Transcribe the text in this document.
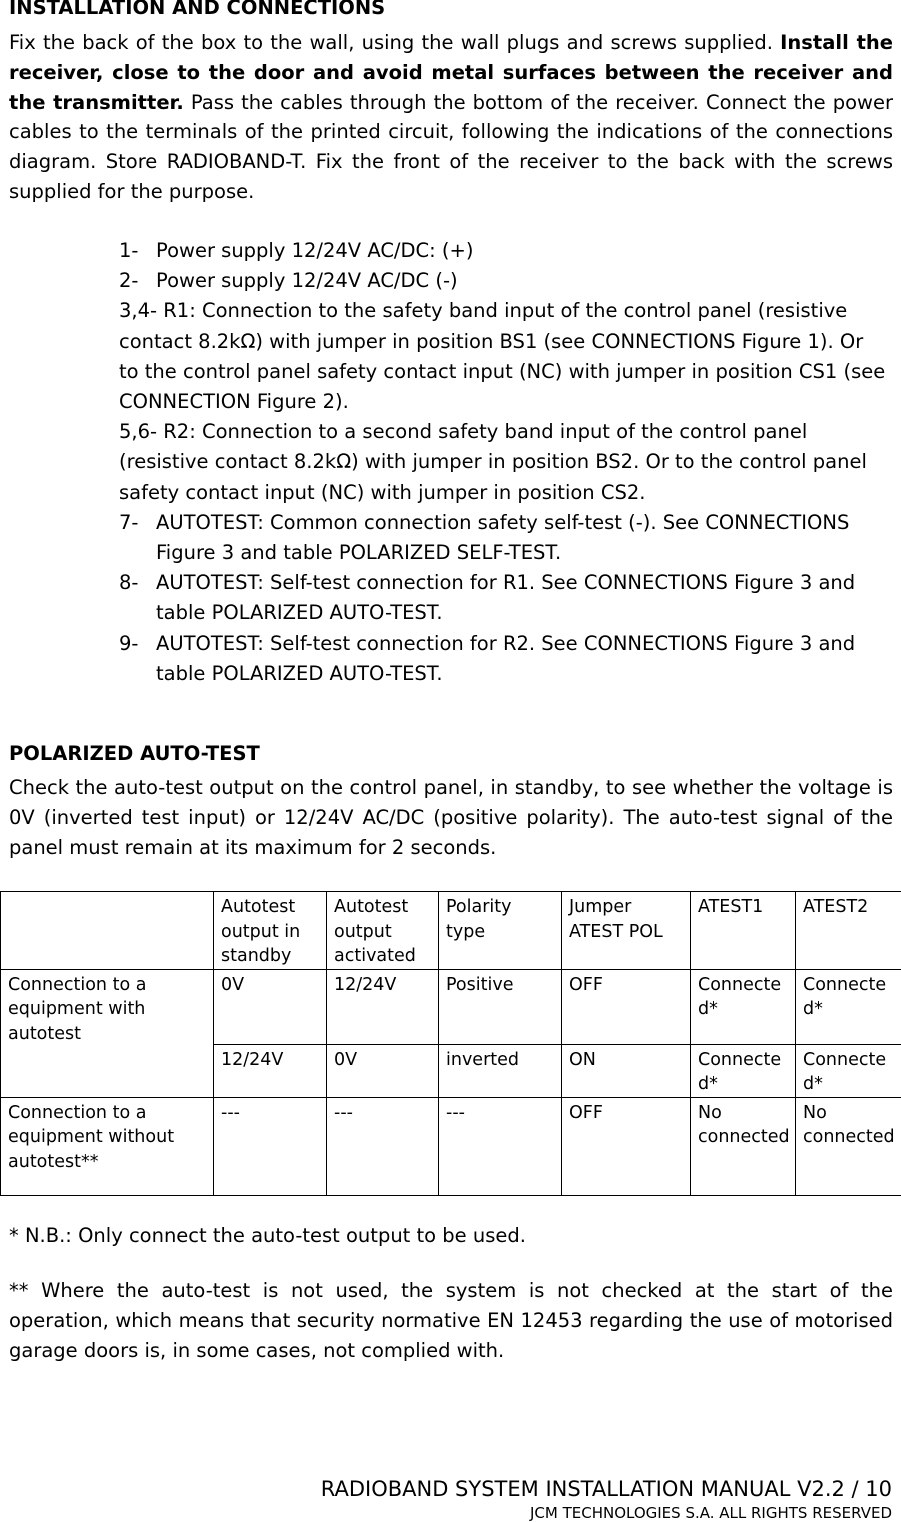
INSTALLATION AND CONNECTIONS
Fix the back of the box to the wall, using the wall plugs and screws supplied. Install the receiver, close to the door and avoid metal surfaces between the receiver and the transmitter. Pass the cables through the bottom of the receiver. Connect the power cables to the terminals of the printed circuit, following the indications of the connections diagram. Store RADIOBAND-T. Fix the front of the receiver to the back with the screws supplied for the purpose.
1- Power supply 12/24V AC/DC: (+)
2- Power supply 12/24V AC/DC (-)
3,4- R1: Connection to the safety band input of the control panel (resistive contact 8.2kΩ) with jumper in position BS1 (see CONNECTIONS Figure 1). Or to the control panel safety contact input (NC) with jumper in position CS1 (see CONNECTION Figure 2).
5,6- R2: Connection to a second safety band input of the control panel (resistive contact 8.2kΩ) with jumper in position BS2. Or to the control panel safety contact input (NC) with jumper in position CS2.
7- AUTOTEST: Common connection safety self-test (-). See CONNECTIONS Figure 3 and table POLARIZED SELF-TEST.
8- AUTOTEST: Self-test connection for R1. See CONNECTIONS Figure 3 and table POLARIZED AUTO-TEST.
9- AUTOTEST: Self-test connection for R2. See CONNECTIONS Figure 3 and table POLARIZED AUTO-TEST.
POLARIZED AUTO-TEST
Check the auto-test output on the control panel, in standby, to see whether the voltage is 0V (inverted test input) or 12/24V AC/DC (positive polarity). The auto-test signal of the panel must remain at its maximum for 2 seconds.
	Autotest output in standby	Autotest output activated	Polarity type	Jumper ATEST POL	ATEST1	ATEST2
Connection to a equipment with autotest	0V	12/24V	Positive	OFF	Connected*	Connected*
	12/24V	0V	inverted	ON	Connected*	Connected*
Connection to a equipment without autotest**	---	---	---	OFF	No connected	No connected
* N.B.: Only connect the auto-test output to be used.
** Where the auto-test is not used, the system is not checked at the start of the operation, which means that security normative EN 12453 regarding the use of motorised garage doors is, in some cases, not complied with.
RADIOBAND SYSTEM INSTALLATION MANUAL V2.2 / 10
JCM TECHNOLOGIES S.A. ALL RIGHTS RESERVED
